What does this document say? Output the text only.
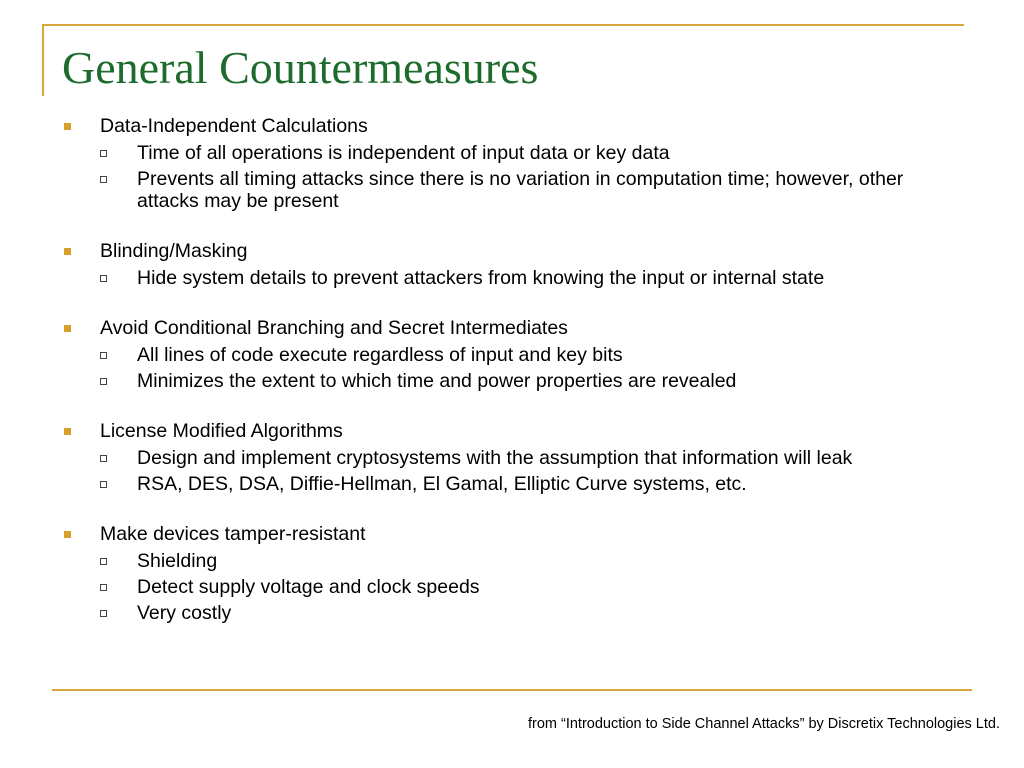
General Countermeasures
Data-Independent Calculations
Time of all operations is independent of input data or key data
Prevents all timing attacks since there is no variation in computation time; however, other attacks may be present
Blinding/Masking
Hide system details to prevent attackers from knowing the input or internal state
Avoid Conditional Branching and Secret Intermediates
All lines of code execute regardless of input and key bits
Minimizes the extent to which time and power properties are revealed
License Modified Algorithms
Design and implement cryptosystems with the assumption that information will leak
RSA, DES, DSA, Diffie-Hellman, El Gamal, Elliptic Curve systems, etc.
Make devices tamper-resistant
Shielding
Detect supply voltage and clock speeds
Very costly
from “Introduction to Side Channel Attacks” by Discretix Technologies Ltd.
